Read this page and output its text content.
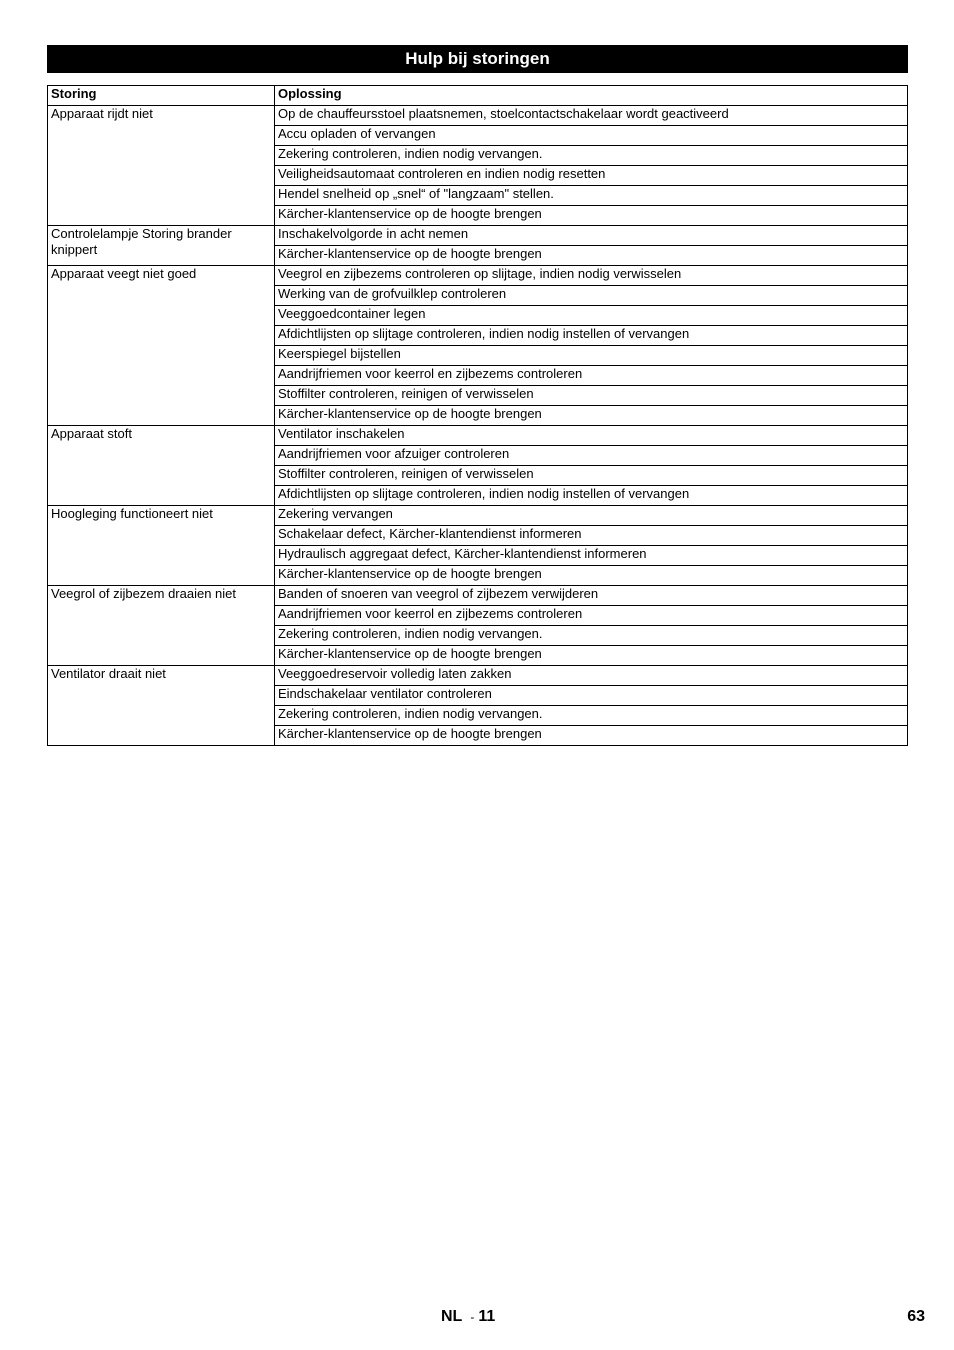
Hulp bij storingen
Storing	Oplossing
Apparaat rijdt niet	Op de chauffeursstoel plaatsnemen, stoelcontactschakelaar wordt geactiveerd
	Accu opladen of vervangen
	Zekering controleren, indien nodig vervangen.
	Veiligheidsautomaat controleren en indien nodig resetten
	Hendel snelheid op „snel“ of "langzaam" stellen.
	Kärcher-klantenservice op de hoogte brengen
Controlelampje Storing brander knippert	Inschakelvolgorde in acht nemen
	Kärcher-klantenservice op de hoogte brengen
Apparaat veegt niet goed	Veegrol en zijbezems controleren op slijtage, indien nodig verwisselen
	Werking van de grofvuilklep controleren
	Veeggoedcontainer legen
	Afdichtlijsten op slijtage controleren, indien nodig instellen of vervangen
	Keerspiegel bijstellen
	Aandrijfriemen voor keerrol en zijbezems controleren
	Stoffilter controleren, reinigen of verwisselen
	Kärcher-klantenservice op de hoogte brengen
Apparaat stoft	Ventilator inschakelen
	Aandrijfriemen voor afzuiger controleren
	Stoffilter controleren, reinigen of verwisselen
	Afdichtlijsten op slijtage controleren, indien nodig instellen of vervangen
Hoogleging functioneert niet	Zekering vervangen
	Schakelaar defect, Kärcher-klantendienst informeren
	Hydraulisch aggregaat defect, Kärcher-klantendienst informeren
	Kärcher-klantenservice op de hoogte brengen
Veegrol of zijbezem draaien niet	Banden of snoeren van veegrol of zijbezem verwijderen
	Aandrijfriemen voor keerrol en zijbezems controleren
	Zekering controleren, indien nodig vervangen.
	Kärcher-klantenservice op de hoogte brengen
Ventilator draait niet	Veeggoedreservoir volledig laten zakken
	Eindschakelaar ventilator controleren
	Zekering controleren, indien nodig vervangen.
	Kärcher-klantenservice op de hoogte brengen
NL - 11	63
